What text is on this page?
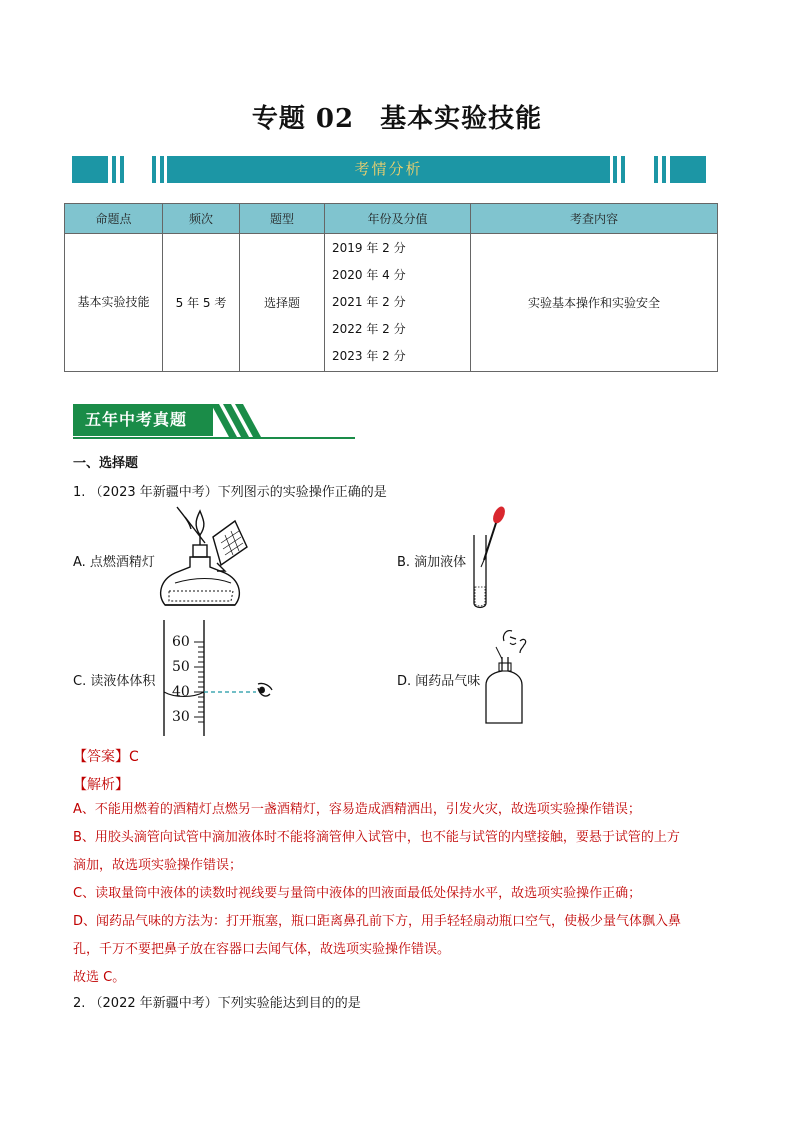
专题 02 基本实验技能
考情分析
命题点	频次	题型	年份及分值	考查内容

基本实验技能	5 年 5 考	选择题	2019 年 2 分
2020 年 4 分
2021 年 2 分
2022 年 2 分
2023 年 2 分	实验基本操作和实验安全
五年中考真题
一、选择题
1. （2023 年新疆中考）下列图示的实验操作正确的是
A. 点燃酒精灯	B. 滴加液体
C. 读液体体积
60
50
40
30
D. 闻药品气味
【答案】C
【解析】
A、不能用燃着的酒精灯点燃另一盏酒精灯，容易造成酒精洒出，引发火灾，故选项实验操作错误；
B、用胶头滴管向试管中滴加液体时不能将滴管伸入试管中，也不能与试管的内壁接触，要悬于试管的上方
滴加，故选项实验操作错误；
C、读取量筒中液体的读数时视线要与量筒中液体的凹液面最低处保持水平，故选项实验操作正确；
D、闻药品气味的方法为：打开瓶塞，瓶口距离鼻孔前下方，用手轻轻扇动瓶口空气，使极少量气体飘入鼻
孔，千万不要把鼻子放在容器口去闻气体，故选项实验操作错误。
故选 C。
2. （2022 年新疆中考）下列实验能达到目的的是
